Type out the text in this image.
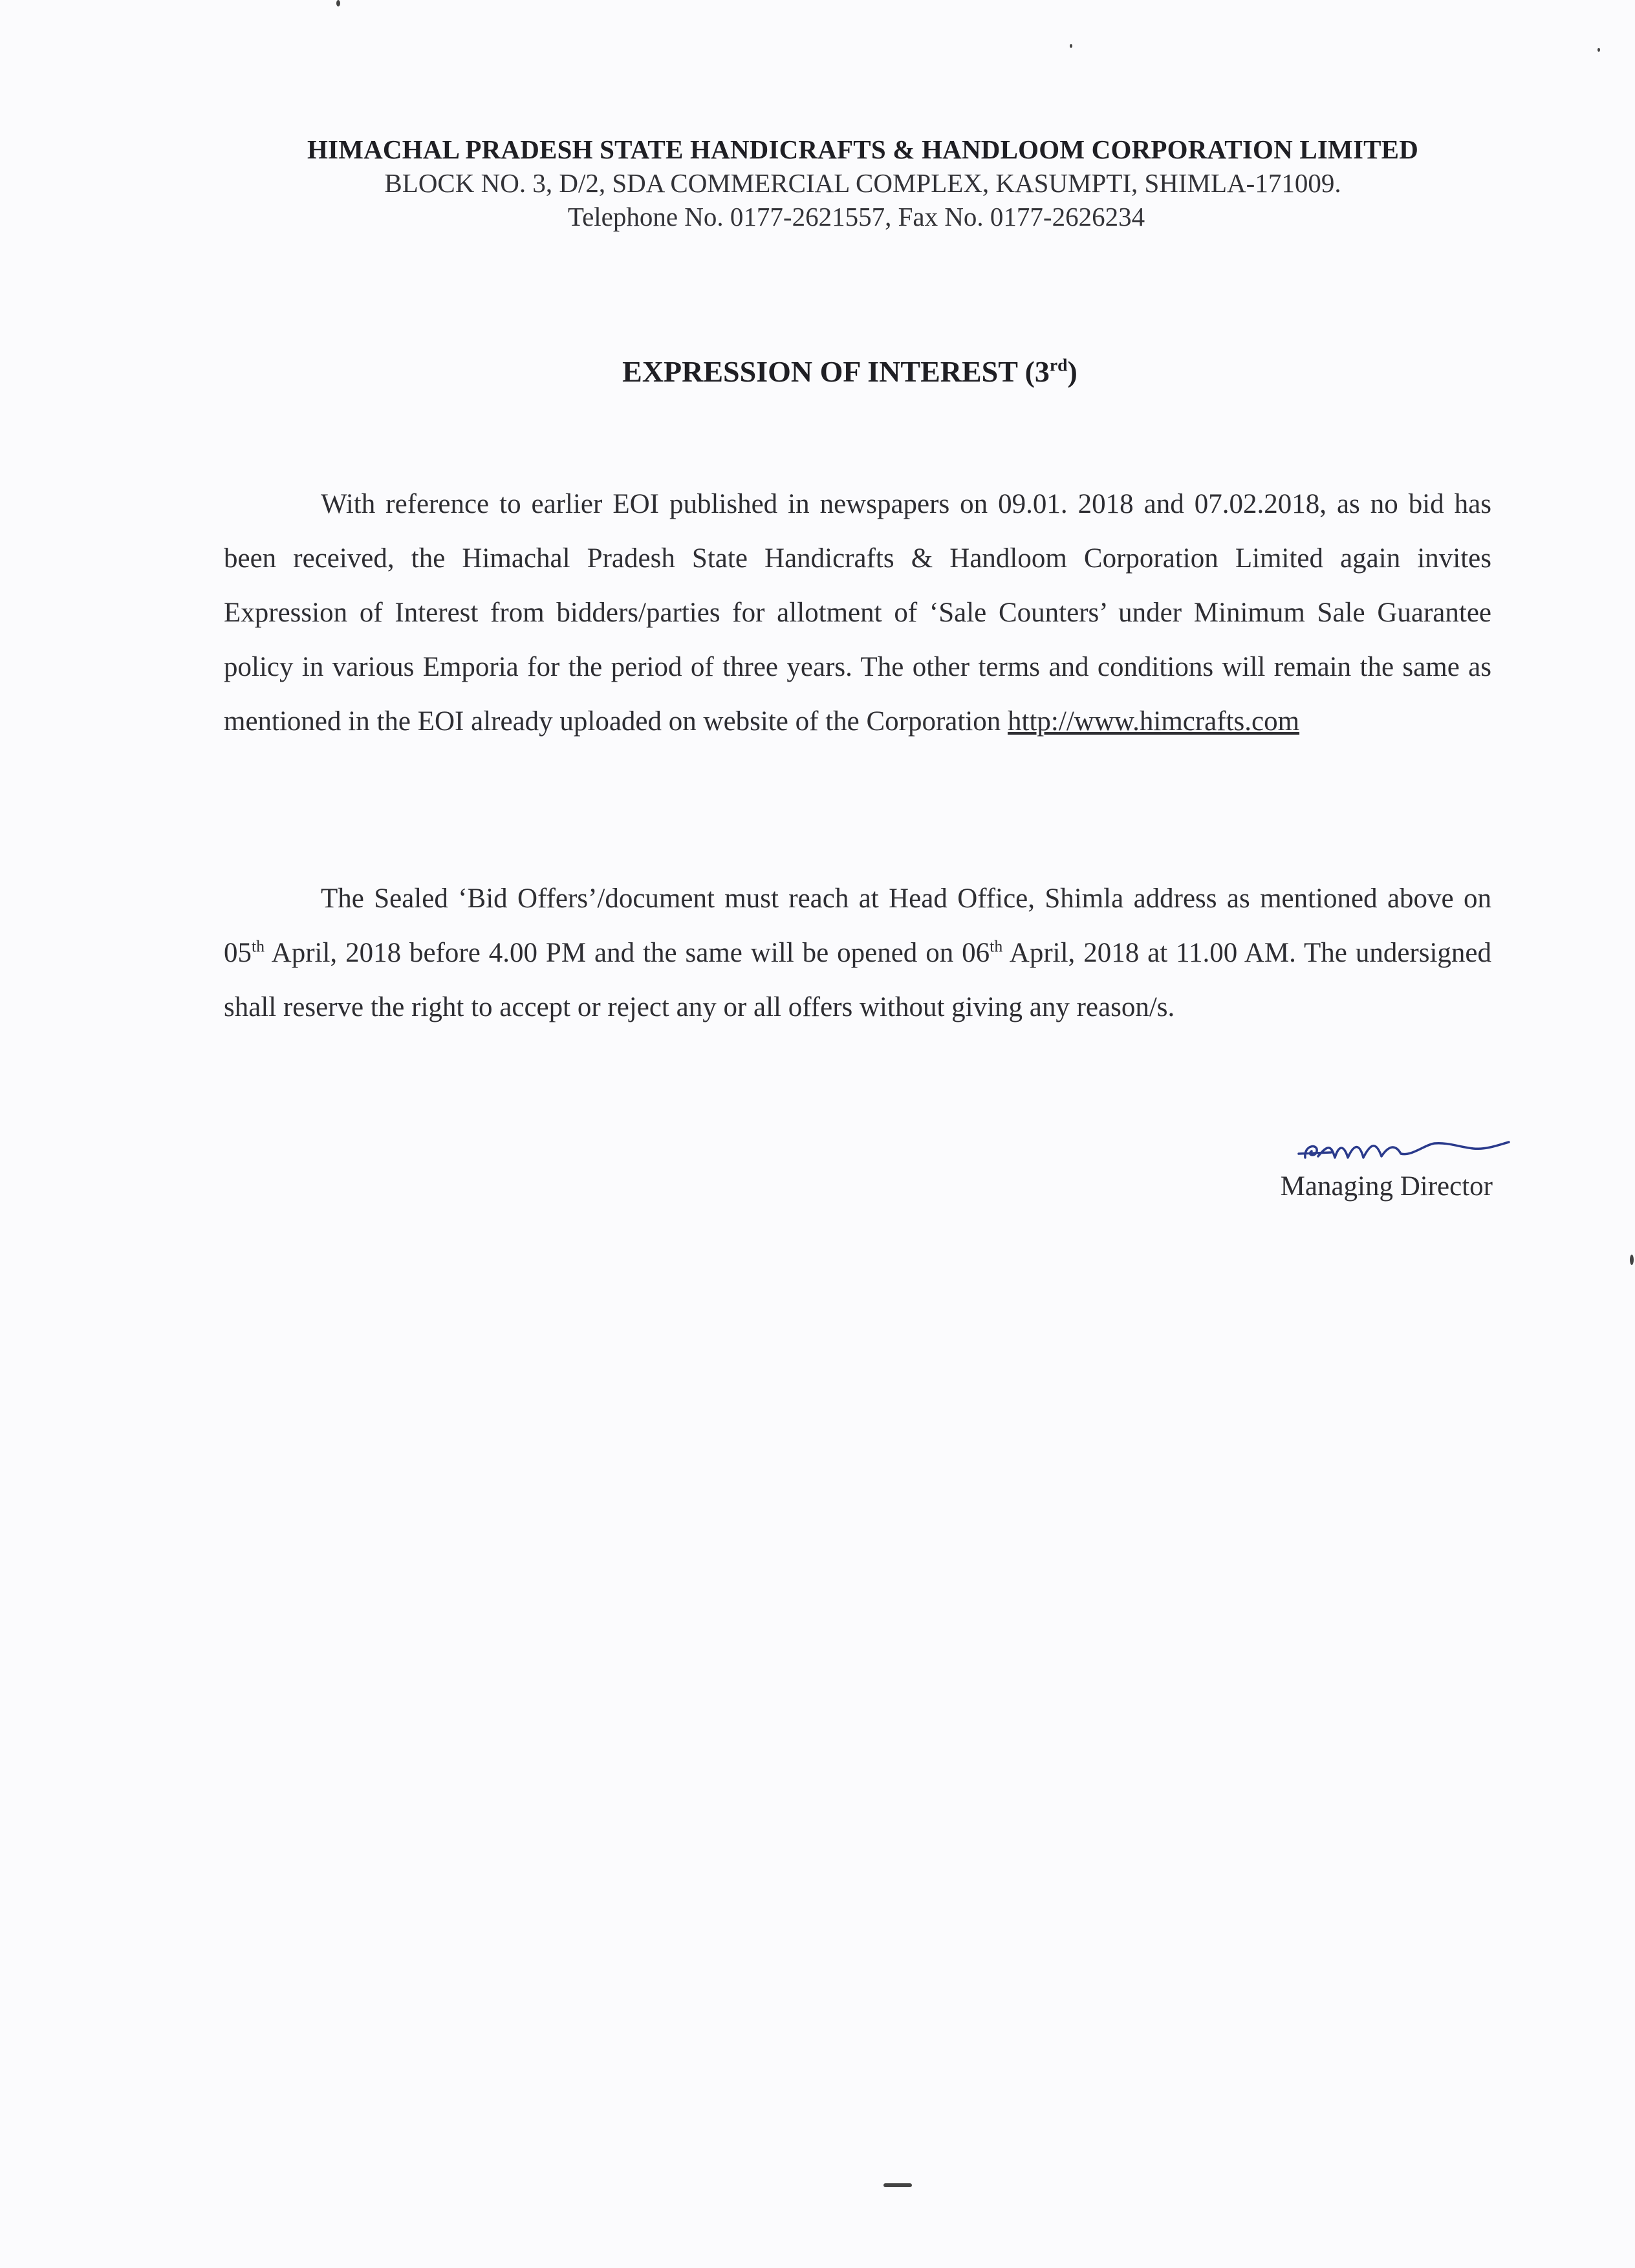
HIMACHAL PRADESH STATE HANDICRAFTS & HANDLOOM CORPORATION LIMITED
BLOCK NO. 3, D/2, SDA COMMERCIAL COMPLEX, KASUMPTI, SHIMLA-171009.
Telephone No. 0177-2621557, Fax No. 0177-2626234
EXPRESSION OF INTEREST (3rd)
With reference to earlier EOI published in newspapers on 09.01. 2018 and 07.02.2018, as no bid has been received, the Himachal Pradesh State Handicrafts & Handloom Corporation Limited again invites Expression of Interest from bidders/parties for allotment of ‘Sale Counters’ under Minimum Sale Guarantee policy in various Emporia for the period of three years. The other terms and conditions will remain the same as mentioned in the EOI already uploaded on website of the Corporation http://www.himcrafts.com
The Sealed ‘Bid Offers’/document must reach at Head Office, Shimla address as mentioned above on 05th April, 2018 before 4.00 PM and the same will be opened on 06th April, 2018 at 11.00 AM. The undersigned shall reserve the right to accept or reject any or all offers without giving any reason/s.
Managing Director
